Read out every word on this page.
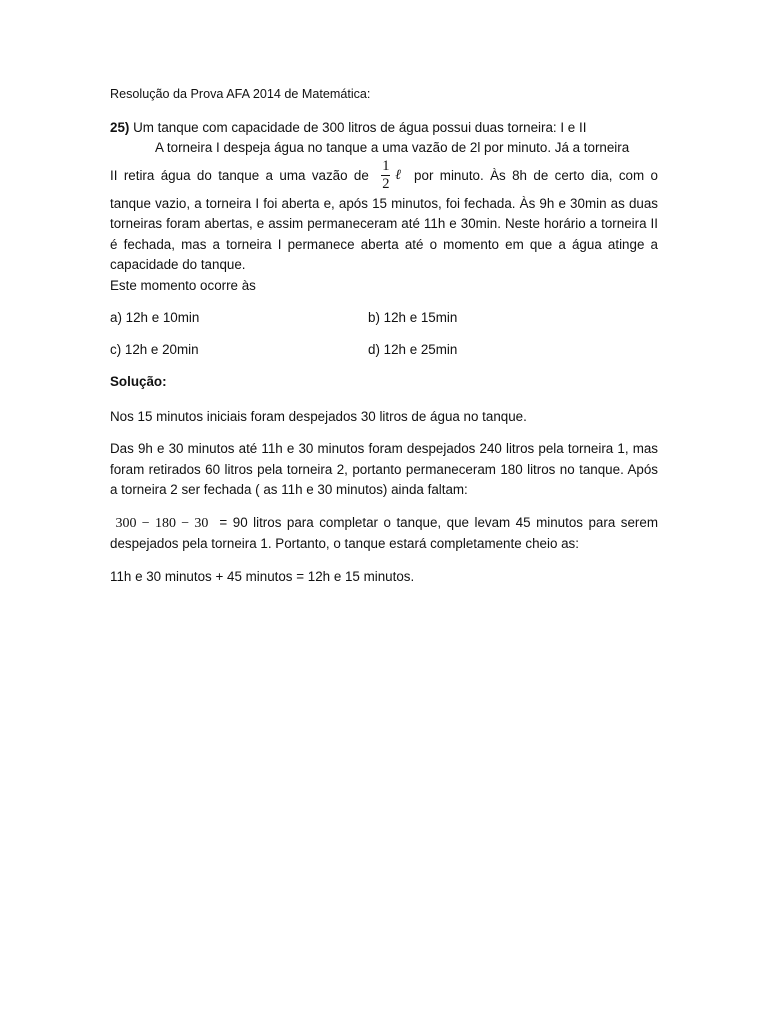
Resolução da Prova AFA 2014 de Matemática:

25) Um tanque com capacidade de 300 litros de água possui duas torneira: I e II

A torneira I despeja água no tanque a uma vazão de 2l por minuto. Já a torneira

II retira água do tanque a uma vazão de $\frac{1}{2}$ ℓ por minuto. Às 8h de certo dia, com o

tanque vazio, a torneira I foi aberta e, após 15 minutos, foi fechada. Às 9h e 30min as duas torneiras foram abertas, e assim permaneceram até 11h e 30min. Neste horário a torneira II é fechada, mas a torneira I permanece aberta até o momento em que a água atinge a capacidade do tanque.

Este momento ocorre às

a) 12h e 10min	b) 12h e 15min
c) 12h e 20min	d) 12h e 25min

Solução:

Nos 15 minutos iniciais foram despejados 30 litros de água no tanque.

Das 9h e 30 minutos até 11h e 30 minutos foram despejados 240 litros pela torneira 1, mas foram retirados 60 litros pela torneira 2, portanto permaneceram 180 litros no tanque. Após a torneira 2 ser fechada ( as 11h e 30 minutos) ainda faltam:

300 − 180 − 30 = 90 litros para completar o tanque, que levam 45 minutos para serem despejados pela torneira 1. Portanto, o tanque estará completamente cheio as:

11h e 30 minutos + 45 minutos = 12h e 15 minutos.
